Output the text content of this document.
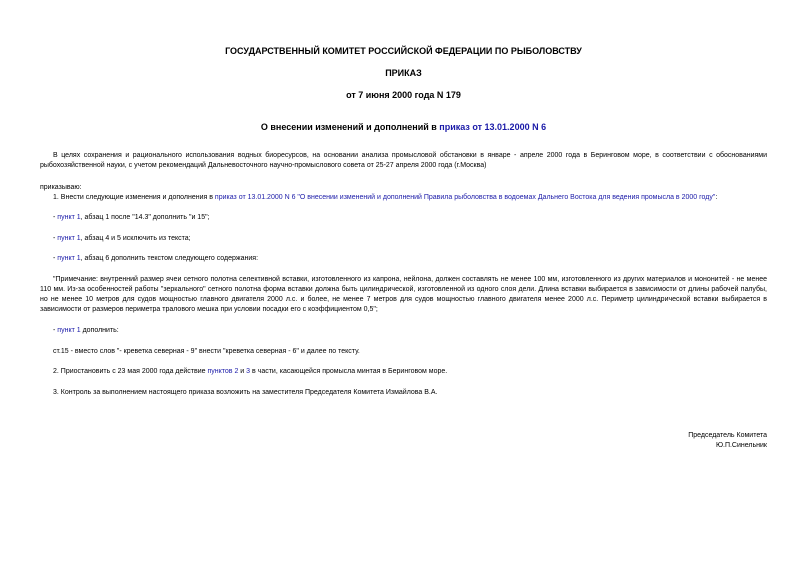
ГОСУДАРСТВЕННЫЙ КОМИТЕТ РОССИЙСКОЙ ФЕДЕРАЦИИ ПО РЫБОЛОВСТВУ
ПРИКАЗ
от 7 июня 2000 года N 179
О внесении изменений и дополнений в приказ от 13.01.2000 N 6
В целях сохранения и рационального использования водных биоресурсов, на основании анализа промысловой обстановки в январе - апреле 2000 года в Беринговом море, в соответствии с обоснованиями рыбохозяйственной науки, с учетом рекомендаций Дальневосточного научно-промыслового совета от 25-27 апреля 2000 года (г.Москва)
приказываю:
1. Внести следующие изменения и дополнения в приказ от 13.01.2000 N 6 "О внесении изменений и дополнений Правила рыболовства в водоемах Дальнего Востока для ведения промысла в 2000 году":
- пункт 1, абзац 1 после "14.3" дополнить "и 15";
- пункт 1, абзац 4 и 5 исключить из текста;
- пункт 1, абзац 6 дополнить текстом следующего содержания:
"Примечание: внутренний размер ячеи сетного полотна селективной вставки, изготовленного из капрона, нейлона, должен составлять не менее 100 мм, изготовленного из других материалов и мононитей - не менее 110 мм. Из-за особенностей работы "зеркального" сетного полотна форма вставки должна быть цилиндрической, изготовленной из одного слоя дели. Длина вставки выбирается в зависимости от длины рабочей палубы, но не менее 10 метров для судов мощностью главного двигателя 2000 л.с. и более, не менее 7 метров для судов мощностью главного двигателя менее 2000 л.с. Периметр цилиндрической вставки выбирается в зависимости от размеров периметра тралового мешка при условии посадки его с коэффициентом 0,5";
- пункт 1 дополнить:
ст.15 - вместо слов "- креветка северная - 9" внести "креветка северная - 6" и далее по тексту.
2. Приостановить с 23 мая 2000 года действие пунктов 2 и 3 в части, касающейся промысла минтая в Беринговом море.
3. Контроль за выполнением настоящего приказа возложить на заместителя Председателя Комитета Измайлова В.А.
Председатель Комитета
Ю.П.Синельник
